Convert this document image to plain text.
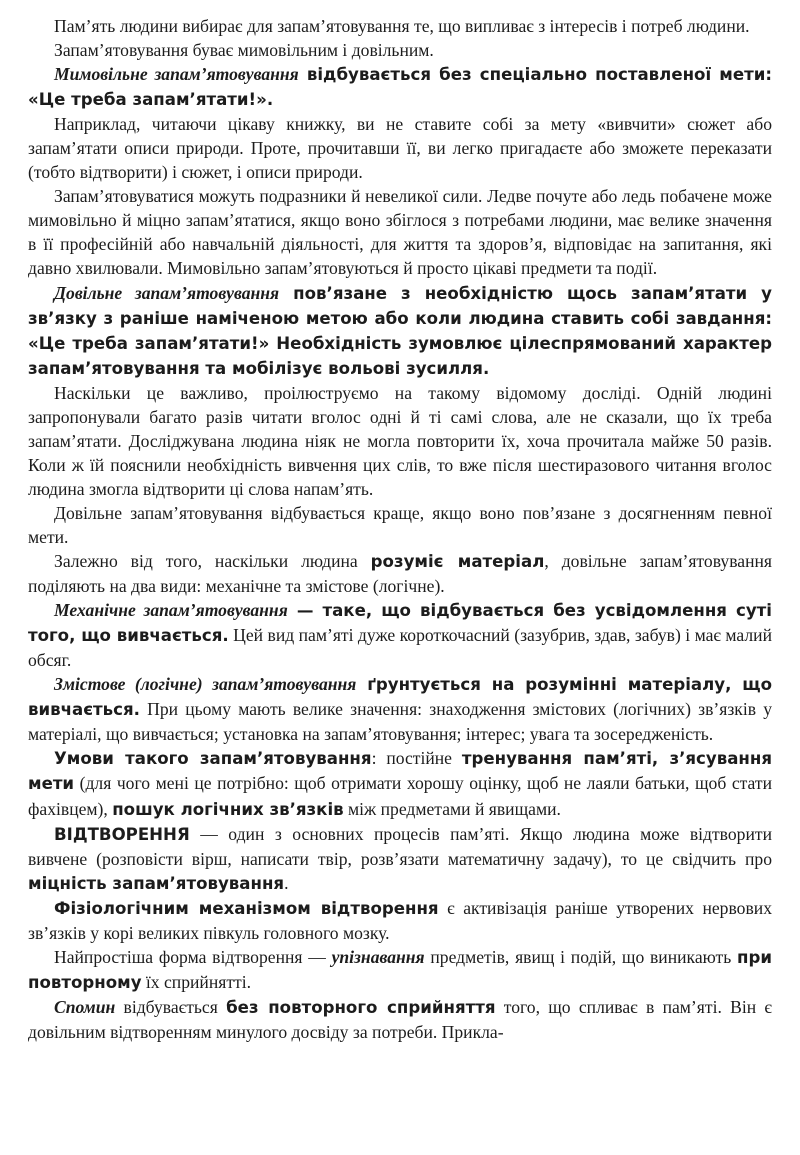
Пам’ять людини вибирає для запам’ятовування те, що випливає з інтересів і потреб людини.

Запам’ятовування буває мимовільним і довільним.

Мимовільне запам’ятовування відбувається без спеціально поставленої мети: «Це треба запам’ятати!».

Наприклад, читаючи цікаву книжку, ви не ставите собі за мету «вивчити» сюжет або запам’ятати описи природи. Проте, прочитавши її, ви легко пригадаєте або зможете переказати (тобто відтворити) і сюжет, і описи природи.

Запам’ятовуватися можуть подразники й невеликої сили. Ледве почуте або ледь побачене може мимовільно й міцно запам’ятатися, якщо воно збіглося з потребами людини, має велике значення в її професійній або навчальній діяльності, для життя та здоров’я, відповідає на запитання, які давно хвилювали. Мимовільно запам’ятовуються й просто цікаві предмети та події.

Довільне запам’ятовування пов’язане з необхідністю щось запам’ятати у зв’язку з раніше наміченою метою або коли людина ставить собі завдання: «Це треба запам’ятати!» Необхідність зумовлює цілеспрямований характер запам’ятовування та мобілізує вольові зусилля.

Наскільки це важливо, проілюструємо на такому відомому досліді. Одній людині запропонували багато разів читати вголос одні й ті самі слова, але не сказали, що їх треба запам’ятати. Досліджувана людина ніяк не могла повторити їх, хоча прочитала майже 50 разів. Коли ж їй пояснили необхідність вивчення цих слів, то вже після шестиразового читання вголос людина змогла відтворити ці слова напам’ять.

Довільне запам’ятовування відбувається краще, якщо воно пов’язане з досягненням певної мети.

Залежно від того, наскільки людина розуміє матеріал, довільне запам’ятовування поділяють на два види: механічне та змістове (логічне).

Механічне запам’ятовування — таке, що відбувається без усвідомлення суті того, що вивчається. Цей вид пам’яті дуже короткочасний (зазубрив, здав, забув) і має малий обсяг.

Змістове (логічне) запам’ятовування ґрунтується на розумінні матеріалу, що вивчається. При цьому мають велике значення: знаходження змістових (логічних) зв’язків у матеріалі, що вивчається; установка на запам’ятовування; інтерес; увага та зосередженість.

Умови такого запам’ятовування: постійне тренування пам’яті, з’ясування мети (для чого мені це потрібно: щоб отримати хорошу оцінку, щоб не лаяли батьки, щоб стати фахівцем), пошук логічних зв’язків між предметами й явищами.

ВІДТВОРЕННЯ — один з основних процесів пам’яті. Якщо людина може відтворити вивчене (розповісти вірш, написати твір, розв’язати математичну задачу), то це свідчить про міцність запам’ятовування.

Фізіологічним механізмом відтворення є активізація раніше утворених нервових зв’язків у корі великих півкуль головного мозку.

Найпростіша форма відтворення — упізнавання предметів, явищ і подій, що виникають при повторному їх сприйнятті.

Спомин відбувається без повторного сприйняття того, що спливає в пам’яті. Він є довільним відтворенням минулого досвіду за потреби. Прикла-
